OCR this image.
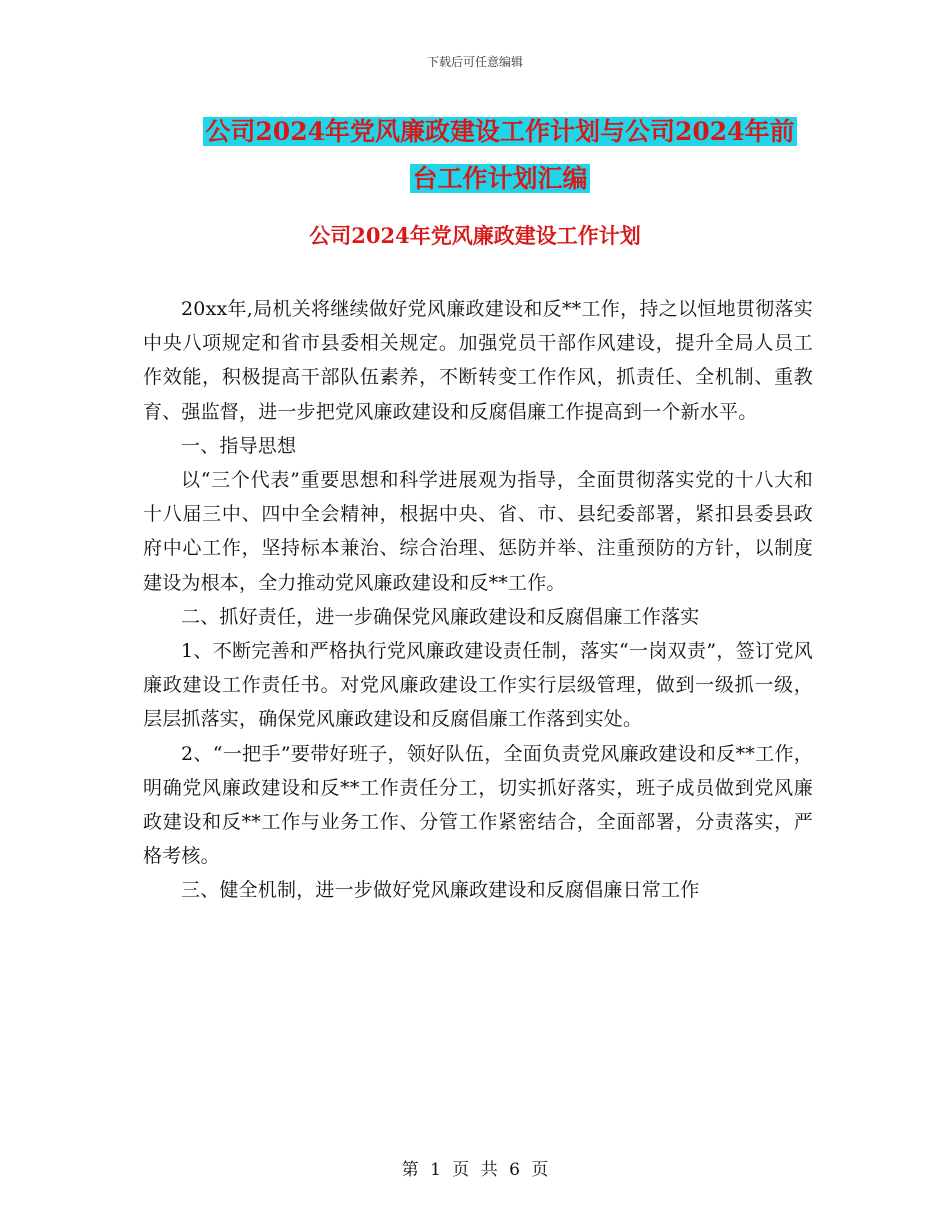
下载后可任意编辑
公司2024年党风廉政建设工作计划与公司2024年前
台工作计划汇编
公司2024年党风廉政建设工作计划

20xx年,局机关将继续做好党风廉政建设和反**工作，持之以恒地贯彻落实中央八项规定和省市县委相关规定。加强党员干部作风建设，提升全局人员工作效能，积极提高干部队伍素养，不断转变工作作风，抓责任、全机制、重教育、强监督，进一步把党风廉政建设和反腐倡廉工作提高到一个新水平。

一、指导思想

以“三个代表”重要思想和科学进展观为指导，全面贯彻落实党的十八大和十八届三中、四中全会精神，根据中央、省、市、县纪委部署，紧扣县委县政府中心工作，坚持标本兼治、综合治理、惩防并举、注重预防的方针，以制度建设为根本，全力推动党风廉政建设和反**工作。

二、抓好责任，进一步确保党风廉政建设和反腐倡廉工作落实

1、不断完善和严格执行党风廉政建设责任制，落实“一岗双责”，签订党风廉政建设工作责任书。对党风廉政建设工作实行层级管理，做到一级抓一级，层层抓落实，确保党风廉政建设和反腐倡廉工作落到实处。

2、“一把手”要带好班子，领好队伍，全面负责党风廉政建设和反**工作，明确党风廉政建设和反**工作责任分工，切实抓好落实，班子成员做到党风廉政建设和反**工作与业务工作、分管工作紧密结合，全面部署，分责落实，严格考核。

三、健全机制，进一步做好党风廉政建设和反腐倡廉日常工作

第 1 页 共 6 页
